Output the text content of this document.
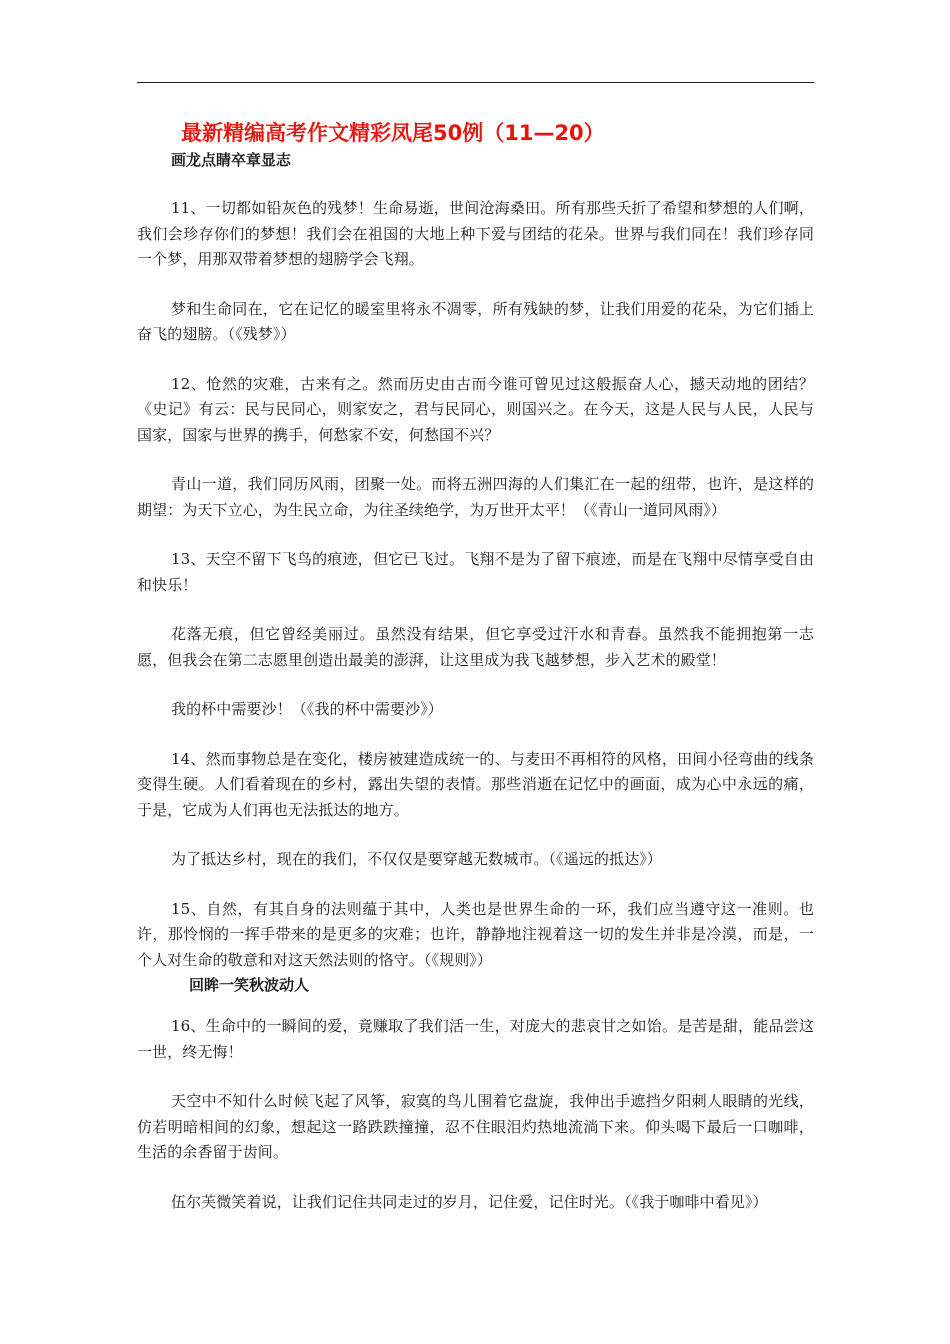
最新精编高考作文精彩凤尾50例（11—20）
画龙点睛卒章显志

11、一切都如铅灰色的残梦！生命易逝，世间沧海桑田。所有那些夭折了希望和梦想的人们啊，我们会珍存你们的梦想！我们会在祖国的大地上种下爱与团结的花朵。世界与我们同在！我们珍存同一个梦，用那双带着梦想的翅膀学会飞翔。

梦和生命同在，它在记忆的暖室里将永不凋零，所有残缺的梦，让我们用爱的花朵，为它们插上奋飞的翅膀。（《残梦》）

12、怆然的灾难，古来有之。然而历史由古而今谁可曾见过这般振奋人心，撼天动地的团结？《史记》有云：民与民同心，则家安之，君与民同心，则国兴之。在今天，这是人民与人民，人民与国家，国家与世界的携手，何愁家不安，何愁国不兴？

青山一道，我们同历风雨，团聚一处。而将五洲四海的人们集汇在一起的纽带，也许，是这样的期望：为天下立心，为生民立命，为往圣续绝学，为万世开太平！（《青山一道同风雨》）

13、天空不留下飞鸟的痕迹，但它已飞过。飞翔不是为了留下痕迹，而是在飞翔中尽情享受自由和快乐！

花落无痕，但它曾经美丽过。虽然没有结果，但它享受过汗水和青春。虽然我不能拥抱第一志愿，但我会在第二志愿里创造出最美的澎湃，让这里成为我飞越梦想，步入艺术的殿堂！

我的杯中需要沙！（《我的杯中需要沙》）

14、然而事物总是在变化，楼房被建造成统一的、与麦田不再相符的风格，田间小径弯曲的线条变得生硬。人们看着现在的乡村，露出失望的表情。那些消逝在记忆中的画面，成为心中永远的痛，于是，它成为人们再也无法抵达的地方。

为了抵达乡村，现在的我们，不仅仅是要穿越无数城市。（《遥远的抵达》）

15、自然，有其自身的法则蕴于其中，人类也是世界生命的一环，我们应当遵守这一准则。也许，那怜悯的一挥手带来的是更多的灾难；也许，静静地注视着这一切的发生并非是冷漠，而是，一个人对生命的敬意和对这天然法则的恪守。（《规则》）

回眸一笑秋波动人

16、生命中的一瞬间的爱，竟赚取了我们活一生，对庞大的悲哀甘之如饴。是苦是甜，能品尝这一世，终无悔！

天空中不知什么时候飞起了风筝，寂寞的鸟儿围着它盘旋，我伸出手遮挡夕阳刺人眼睛的光线，仿若明暗相间的幻象，想起这一路跌跌撞撞，忍不住眼泪灼热地流淌下来。仰头喝下最后一口咖啡，生活的余香留于齿间。

伍尔芙微笑着说，让我们记住共同走过的岁月，记住爱，记住时光。（《我于咖啡中看见》）
